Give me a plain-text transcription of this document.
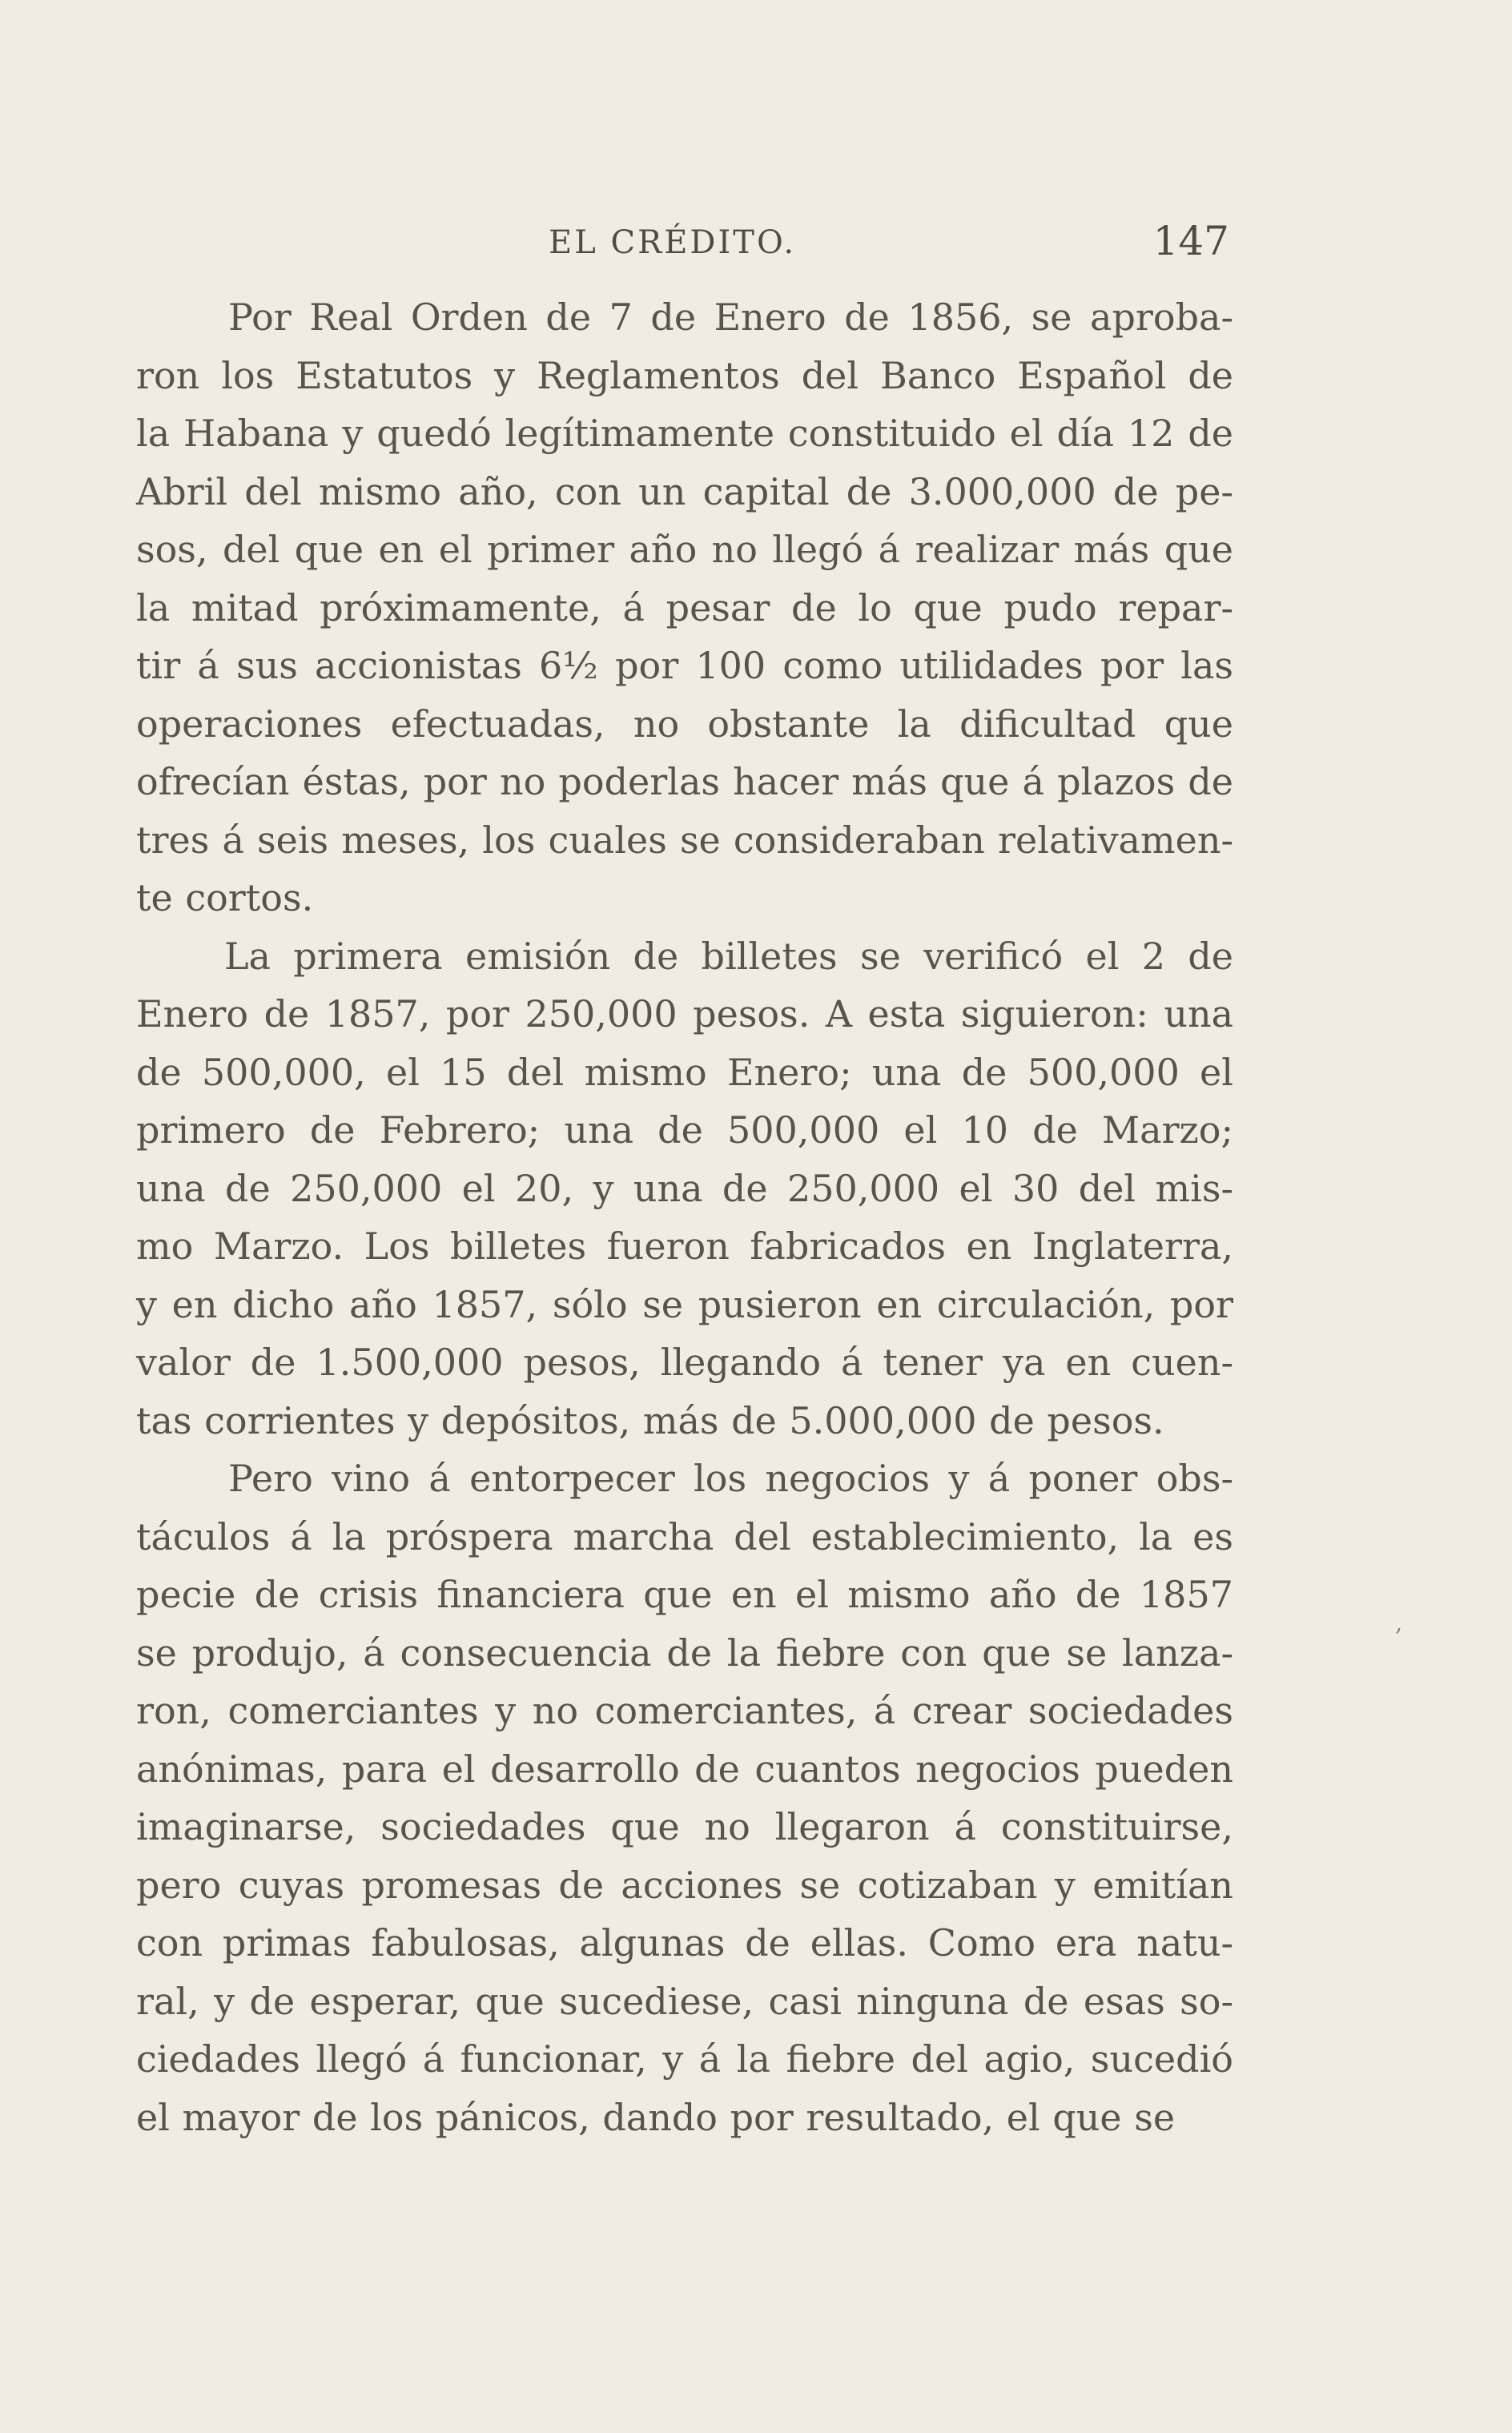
EL CRÉDITO.	147
Por Real Orden de 7 de Enero de 1856, se aproba-
ron los Estatutos y Reglamentos del Banco Español de
la Habana y quedó legítimamente constituido el día 12 de
Abril del mismo año, con un capital de 3.000,000 de pe-
sos, del que en el primer año no llegó á realizar más que
la mitad próximamente, á pesar de lo que pudo repar-
tir á sus accionistas 6½ por 100 como utilidades por las
operaciones efectuadas, no obstante la dificultad que
ofrecían éstas, por no poderlas hacer más que á plazos de
tres á seis meses, los cuales se consideraban relativamen-
te cortos.
La primera emisión de billetes se verificó el 2 de
Enero de 1857, por 250,000 pesos. A esta siguieron: una
de 500,000, el 15 del mismo Enero; una de 500,000 el
primero de Febrero; una de 500,000 el 10 de Marzo;
una de 250,000 el 20, y una de 250,000 el 30 del mis-
mo Marzo. Los billetes fueron fabricados en Inglaterra,
y en dicho año 1857, sólo se pusieron en circulación, por
valor de 1.500,000 pesos, llegando á tener ya en cuen-
tas corrientes y depósitos, más de 5.000,000 de pesos.
Pero vino á entorpecer los negocios y á poner obs-
táculos á la próspera marcha del establecimiento, la es
pecie de crisis financiera que en el mismo año de 1857
se produjo, á consecuencia de la fiebre con que se lanza-
ron, comerciantes y no comerciantes, á crear sociedades
anónimas, para el desarrollo de cuantos negocios pueden
imaginarse, sociedades que no llegaron á constituirse,
pero cuyas promesas de acciones se cotizaban y emitían
con primas fabulosas, algunas de ellas. Como era natu-
ral, y de esperar, que sucediese, casi ninguna de esas so-
ciedades llegó á funcionar, y á la fiebre del agio, sucedió
el mayor de los pánicos, dando por resultado, el que se
‚
